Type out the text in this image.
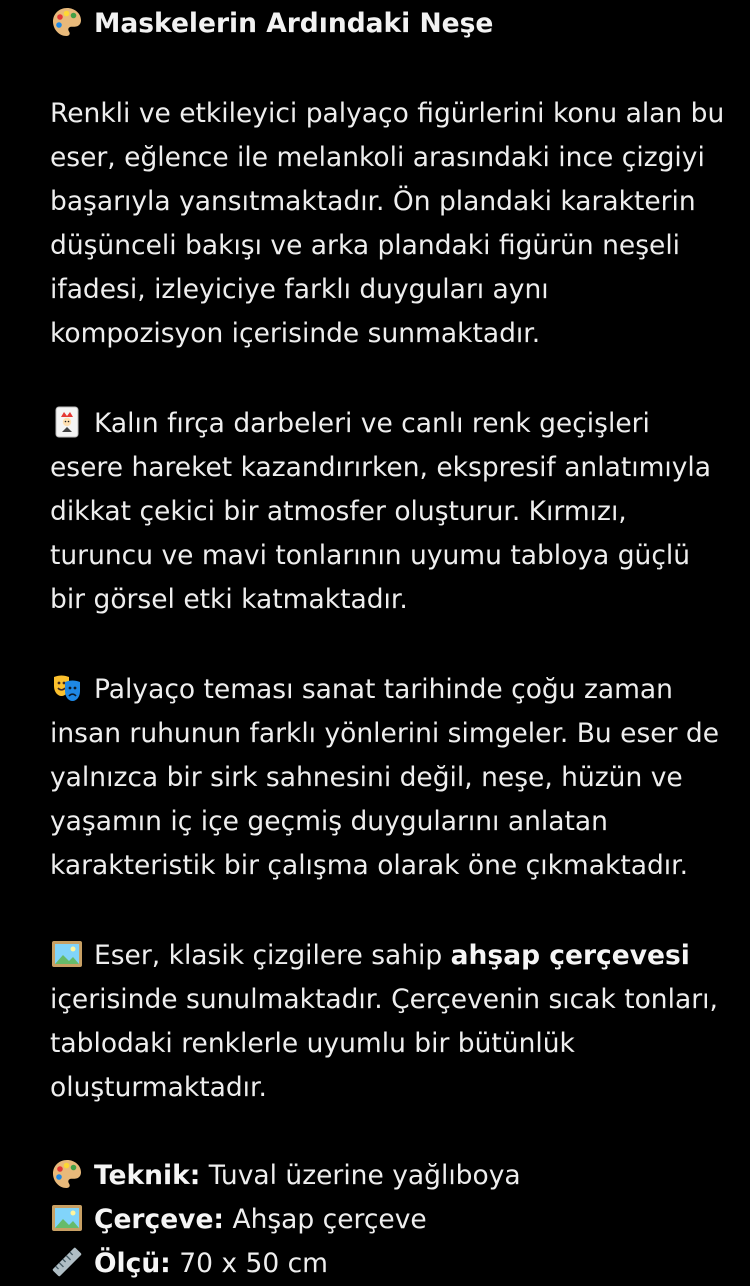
Maskelerin Ardındaki Neşe
Renkli ve etkileyici palyaço figürlerini konu alan bu
eser, eğlence ile melankoli arasındaki ince çizgiyi
başarıyla yansıtmaktadır. Ön plandaki karakterin
düşünceli bakışı ve arka plandaki figürün neşeli
ifadesi, izleyiciye farklı duyguları aynı
kompozisyon içerisinde sunmaktadır.
Kalın fırça darbeleri ve canlı renk geçişleri
esere hareket kazandırırken, ekspresif anlatımıyla
dikkat çekici bir atmosfer oluşturur. Kırmızı,
turuncu ve mavi tonlarının uyumu tabloya güçlü
bir görsel etki katmaktadır.
Palyaço teması sanat tarihinde çoğu zaman
insan ruhunun farklı yönlerini simgeler. Bu eser de
yalnızca bir sirk sahnesini değil, neşe, hüzün ve
yaşamın iç içe geçmiş duygularını anlatan
karakteristik bir çalışma olarak öne çıkmaktadır.
Eser, klasik çizgilere sahip ahşap çerçevesi
içerisinde sunulmaktadır. Çerçevenin sıcak tonları,
tablodaki renklerle uyumlu bir bütünlük
oluşturmaktadır.
Teknik: Tuval üzerine yağlıboya
Çerçeve: Ahşap çerçeve
Ölçü: 70 x 50 cm
